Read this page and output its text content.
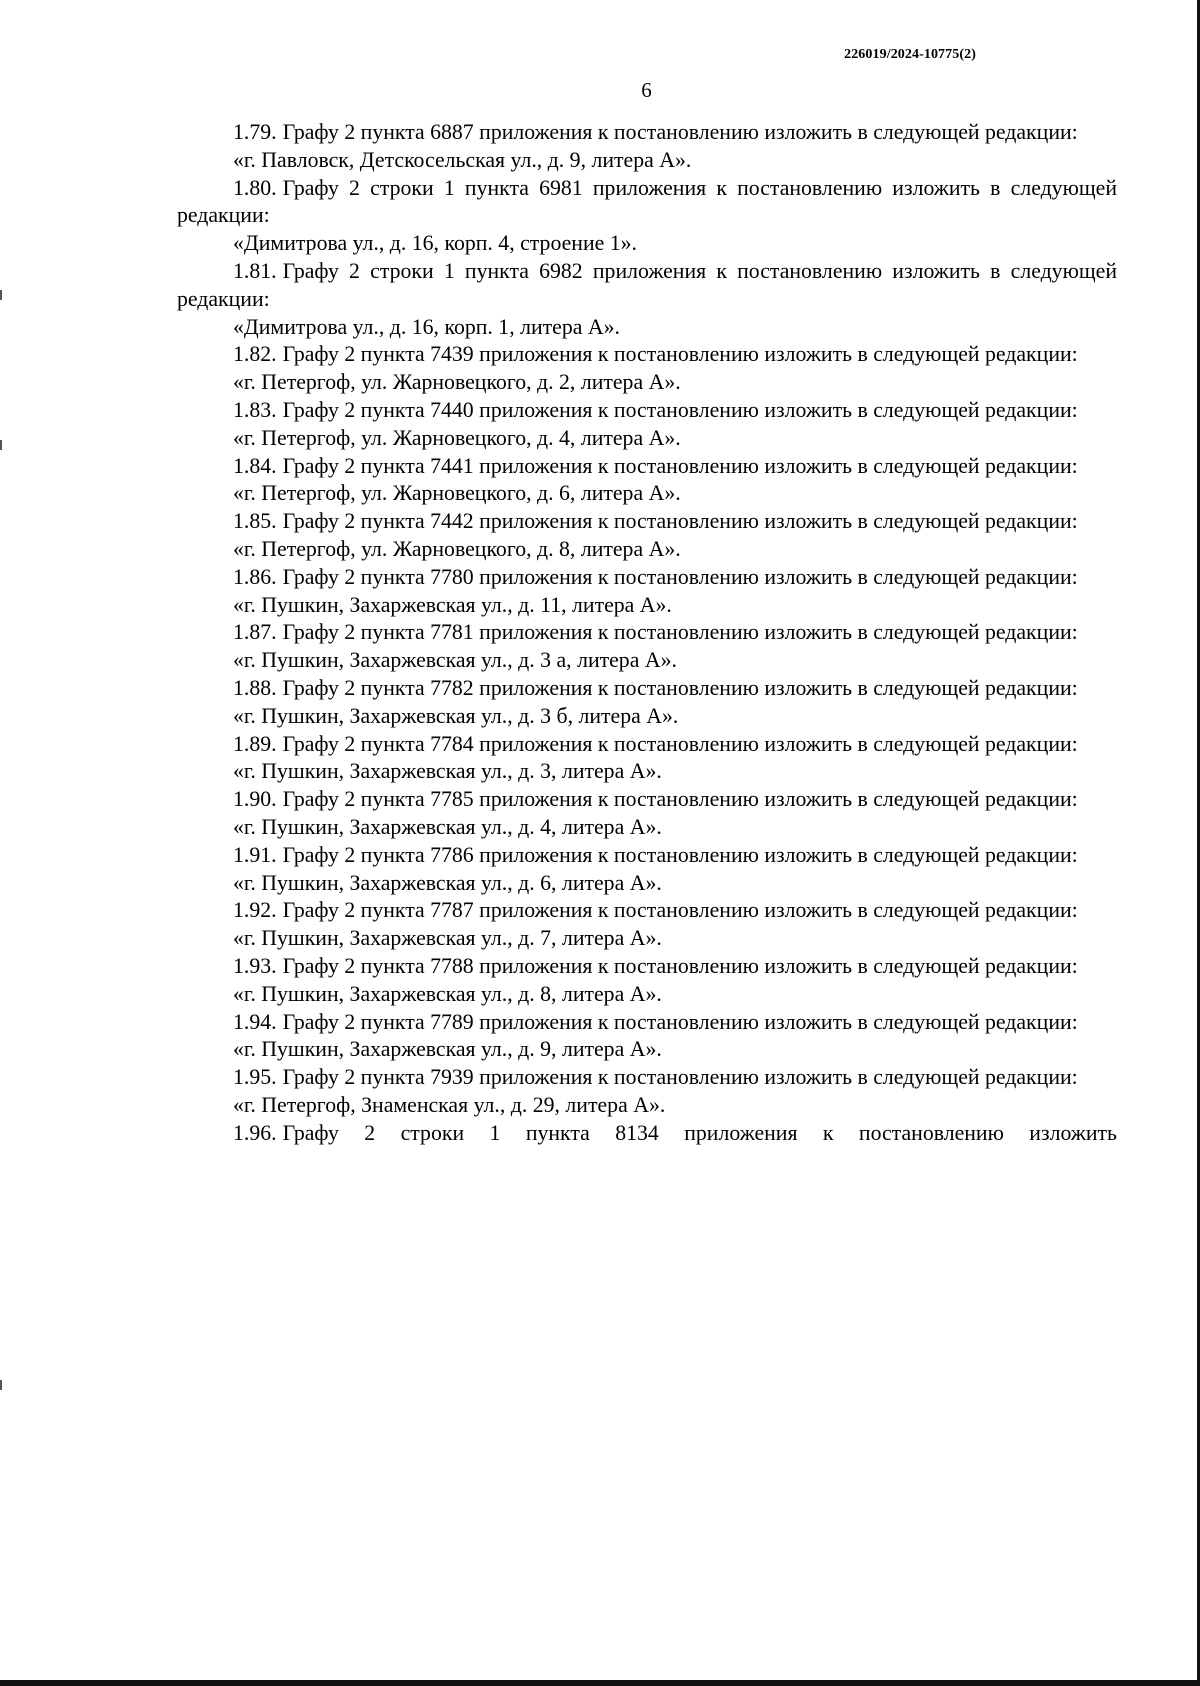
226019/2024-10775(2)
6

1.79. Графу 2 пункта 6887 приложения к постановлению изложить в следующей редакции:

«г. Павловск, Детскосельская ул., д. 9, литера А».

1.80. Графу 2 строки 1 пункта 6981 приложения к постановлению изложить в следующей редакции:

«Димитрова ул., д. 16, корп. 4, строение 1».

1.81. Графу 2 строки 1 пункта 6982 приложения к постановлению изложить в следующей редакции:

«Димитрова ул., д. 16, корп. 1, литера А».

1.82. Графу 2 пункта 7439 приложения к постановлению изложить в следующей редакции:

«г. Петергоф, ул. Жарновецкого, д. 2, литера А».

1.83. Графу 2 пункта 7440 приложения к постановлению изложить в следующей редакции:

«г. Петергоф, ул. Жарновецкого, д. 4, литера А».

1.84. Графу 2 пункта 7441 приложения к постановлению изложить в следующей редакции:

«г. Петергоф, ул. Жарновецкого, д. 6, литера А».

1.85. Графу 2 пункта 7442 приложения к постановлению изложить в следующей редакции:

«г. Петергоф, ул. Жарновецкого, д. 8, литера А».

1.86. Графу 2 пункта 7780 приложения к постановлению изложить в следующей редакции:

«г. Пушкин, Захаржевская ул., д. 11, литера А».

1.87. Графу 2 пункта 7781 приложения к постановлению изложить в следующей редакции:

«г. Пушкин, Захаржевская ул., д. 3 а, литера А».

1.88. Графу 2 пункта 7782 приложения к постановлению изложить в следующей редакции:

«г. Пушкин, Захаржевская ул., д. 3 б, литера А».

1.89. Графу 2 пункта 7784 приложения к постановлению изложить в следующей редакции:

«г. Пушкин, Захаржевская ул., д. 3, литера А».

1.90. Графу 2 пункта 7785 приложения к постановлению изложить в следующей редакции:

«г. Пушкин, Захаржевская ул., д. 4, литера А».

1.91. Графу 2 пункта 7786 приложения к постановлению изложить в следующей редакции:

«г. Пушкин, Захаржевская ул., д. 6, литера А».

1.92. Графу 2 пункта 7787 приложения к постановлению изложить в следующей редакции:

«г. Пушкин, Захаржевская ул., д. 7, литера А».

1.93. Графу 2 пункта 7788 приложения к постановлению изложить в следующей редакции:

«г. Пушкин, Захаржевская ул., д. 8, литера А».

1.94. Графу 2 пункта 7789 приложения к постановлению изложить в следующей редакции:

«г. Пушкин, Захаржевская ул., д. 9, литера А».

1.95. Графу 2 пункта 7939 приложения к постановлению изложить в следующей редакции:

«г. Петергоф, Знаменская ул., д. 29, литера А».

1.96. Графу 2 строки 1 пункта 8134 приложения к постановлению изложить
